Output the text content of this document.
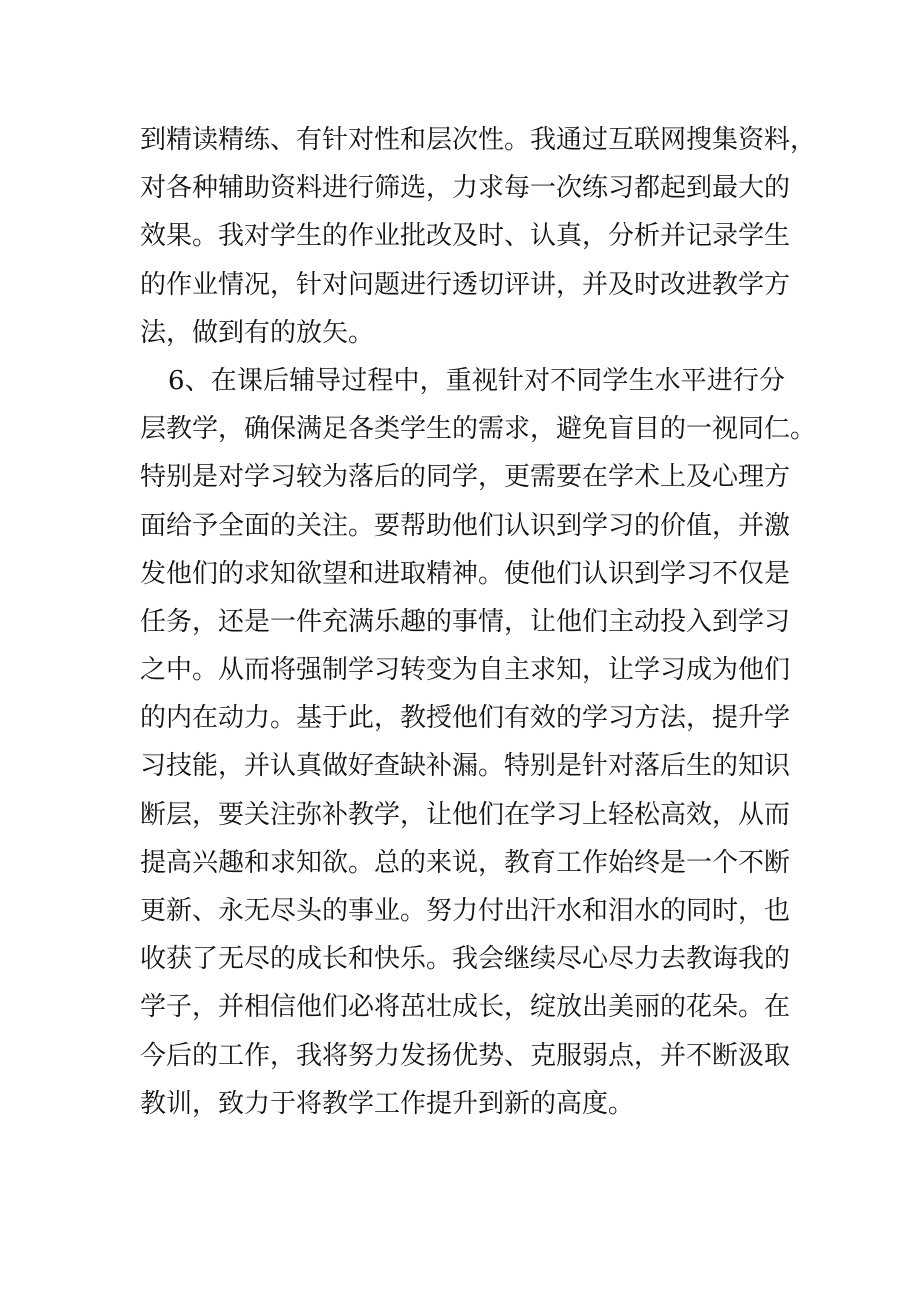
到精读精练、有针对性和层次性。我通过互联网搜集资料，
对各种辅助资料进行筛选，力求每一次练习都起到最大的
效果。我对学生的作业批改及时、认真，分析并记录学生
的作业情况，针对问题进行透切评讲，并及时改进教学方
法，做到有的放矢。
6、在课后辅导过程中，重视针对不同学生水平进行分
层教学，确保满足各类学生的需求，避免盲目的一视同仁。
特别是对学习较为落后的同学，更需要在学术上及心理方
面给予全面的关注。要帮助他们认识到学习的价值，并激
发他们的求知欲望和进取精神。使他们认识到学习不仅是
任务，还是一件充满乐趣的事情，让他们主动投入到学习
之中。从而将强制学习转变为自主求知，让学习成为他们
的内在动力。基于此，教授他们有效的学习方法，提升学
习技能，并认真做好查缺补漏。特别是针对落后生的知识
断层，要关注弥补教学，让他们在学习上轻松高效，从而
提高兴趣和求知欲。总的来说，教育工作始终是一个不断
更新、永无尽头的事业。努力付出汗水和泪水的同时，也
收获了无尽的成长和快乐。我会继续尽心尽力去教诲我的
学子，并相信他们必将茁壮成长，绽放出美丽的花朵。在
今后的工作，我将努力发扬优势、克服弱点，并不断汲取
教训，致力于将教学工作提升到新的高度。
